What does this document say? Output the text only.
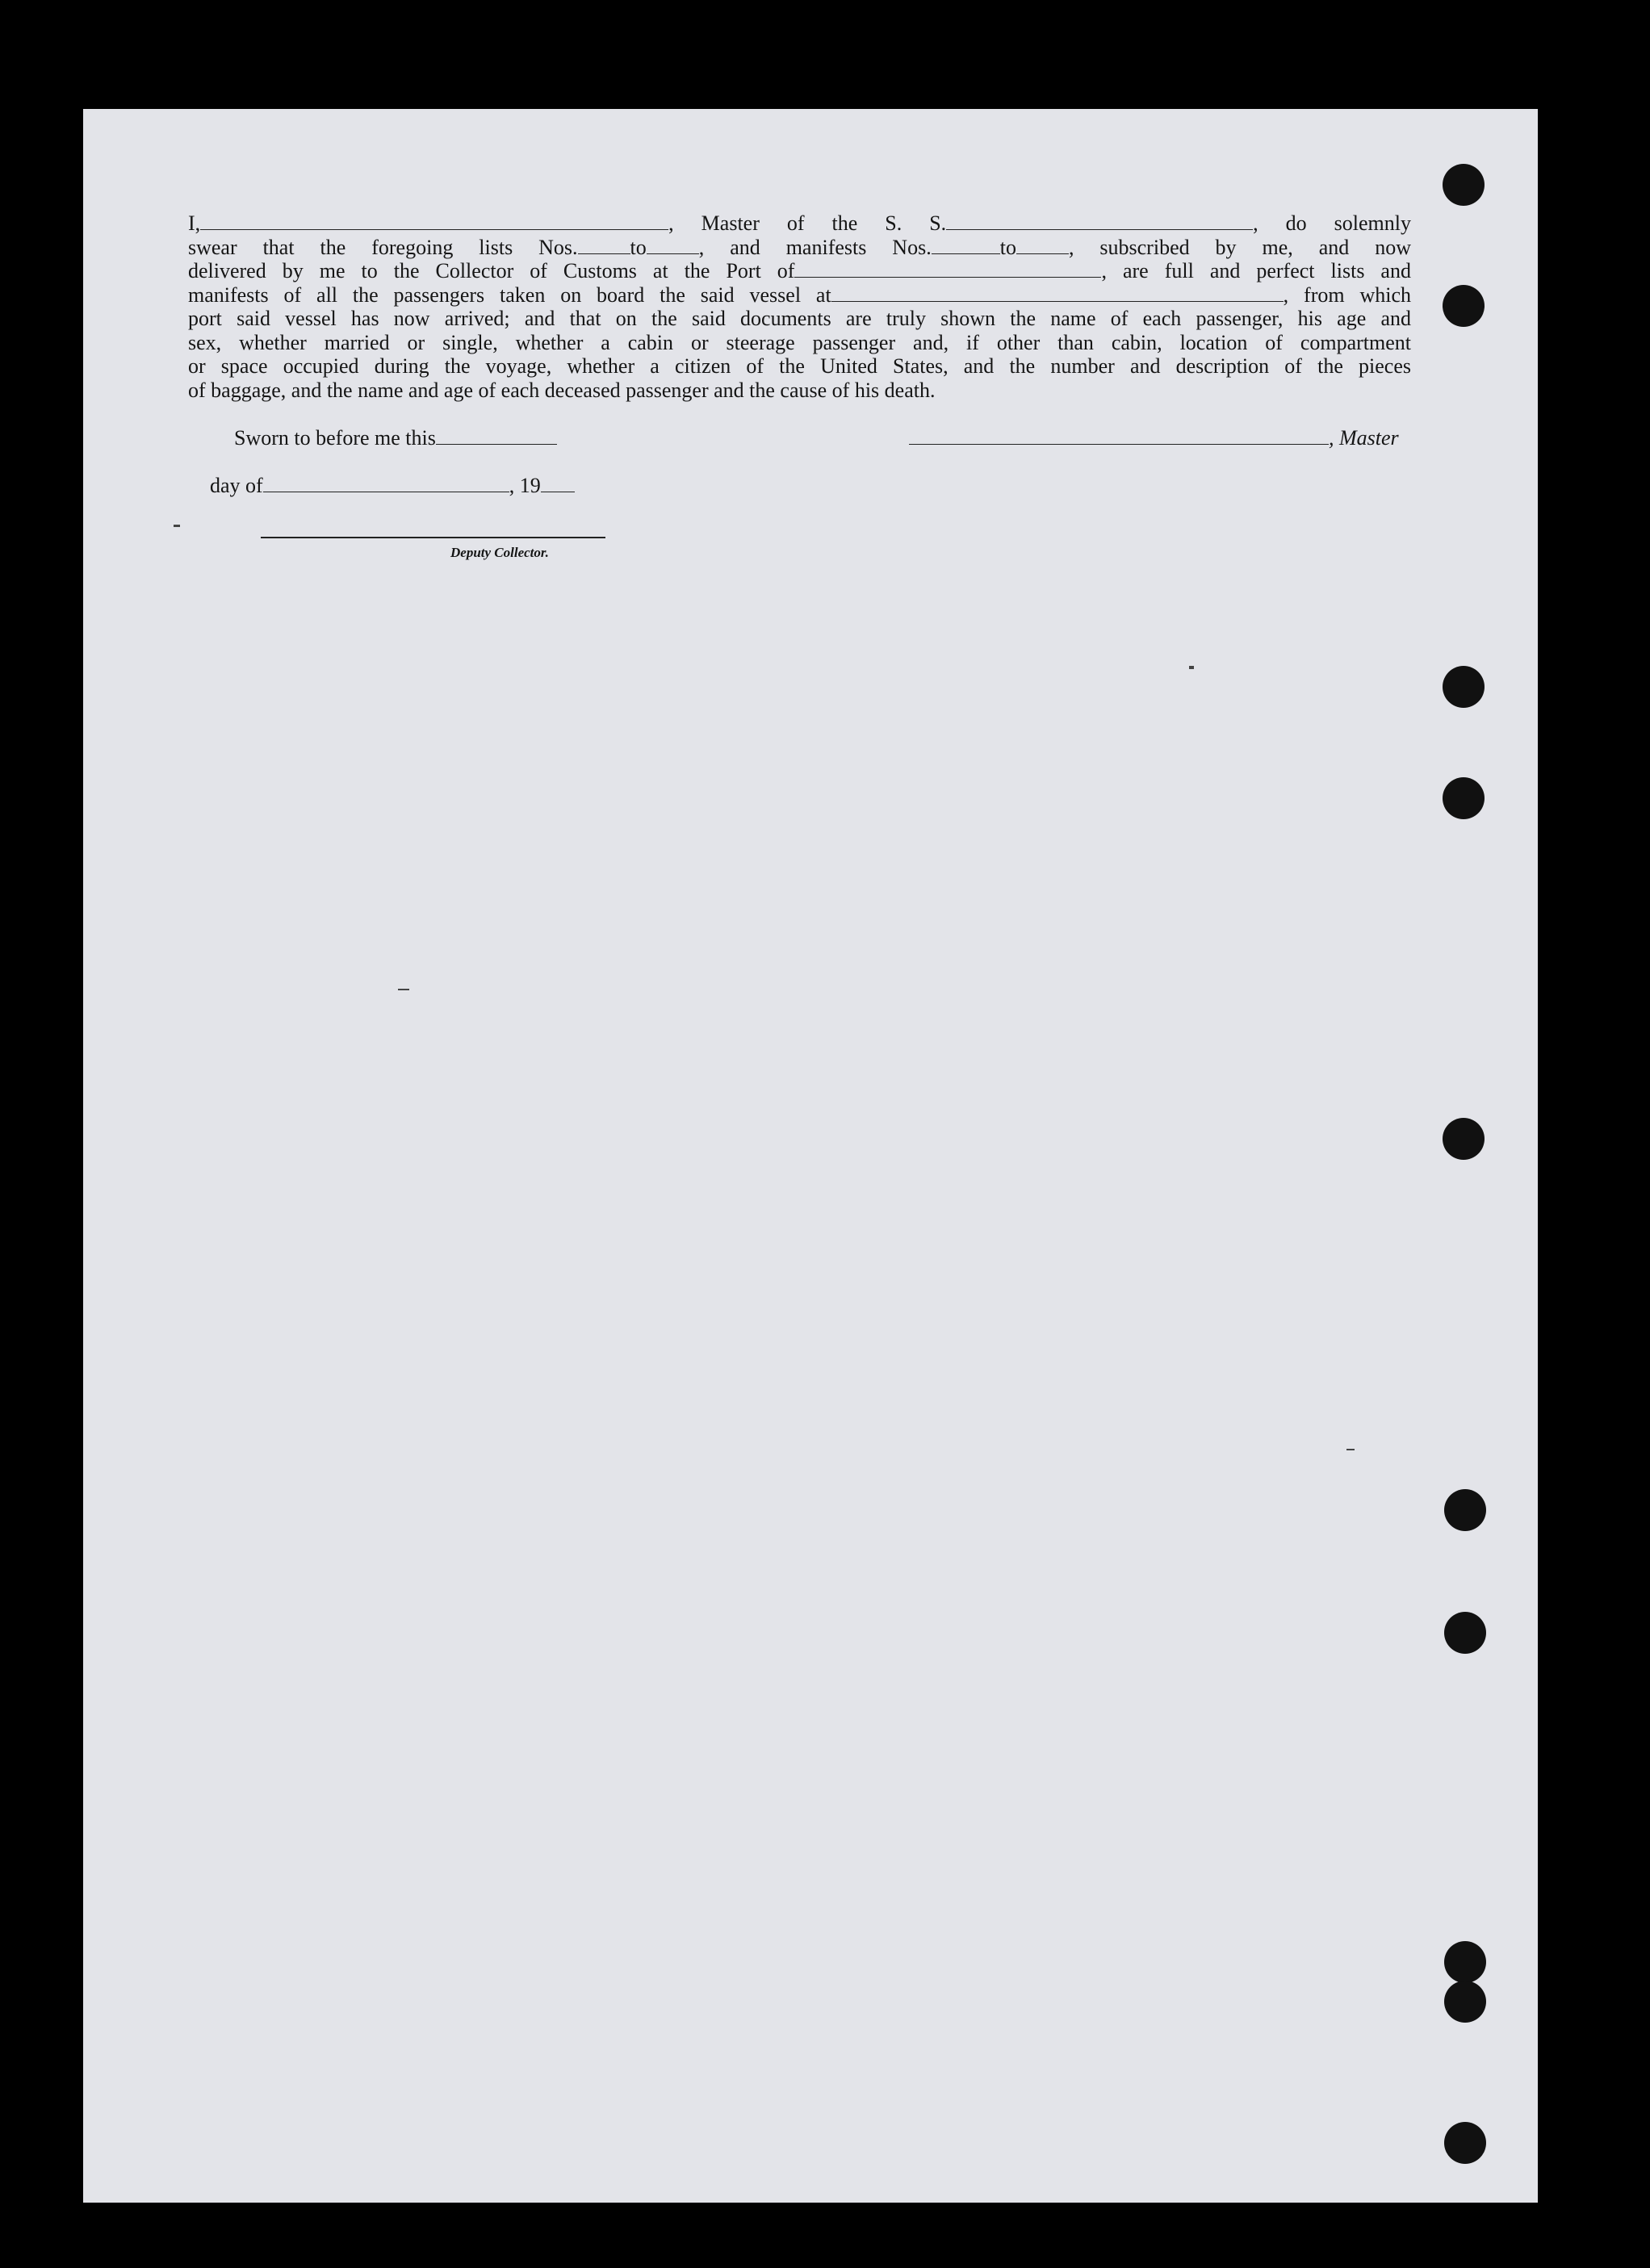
I,	, Master of the S. S.	, do solemnly
swear that the foregoing lists Nos.	to	, and manifests Nos.	to	, subscribed by me, and now
delivered by me to the Collector of Customs at the Port of	, are full and perfect lists and
manifests of all the passengers taken on board the said vessel at	, from which
port said vessel has now arrived; and that on the said documents are truly shown the name of each passenger, his age and
sex, whether married or single, whether a cabin or steerage passenger and, if other than cabin, location of compartment
or space occupied during the voyage, whether a citizen of the United States, and the number and description of the pieces
of baggage, and the name and age of each deceased passenger and the cause of his death.
Sworn to before me this	, Master
day of	, 19
Deputy Collector.
